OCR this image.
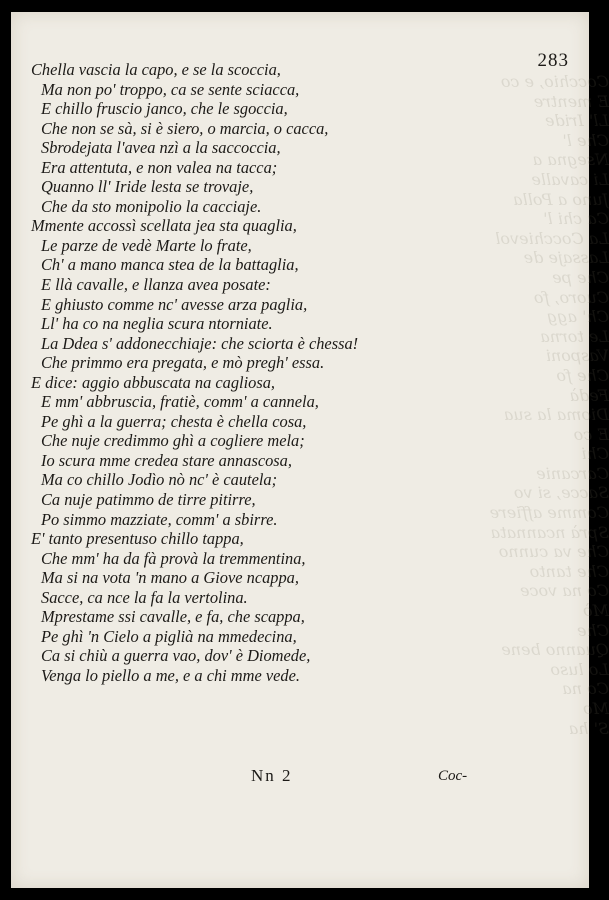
Cocchio, e co
E mentre
Ll' Iride
Che l'
Nsegna a
Li cavalle
Juno a Polla
Ca chi l'
La Cocchievol
Lassaje de
Che pe
Cuoro, fo
Ch' agg
Le torna
Vasponi
Che fo
Fedà
Dioma la sua
E co
Chi
Carcanie
Sacce, si vo
Comme affiere
Sprà ncannata
Che va cunno
Che tanto
Co na voce
Mò
Che
Quanno bene
Lo luso
Co na
Mo
S' ha
283
Chella vascia la capo, e se la scoccia,
Ma non po' troppo, ca se sente sciacca,
E chillo fruscio janco, che le sgoccia,
Che non se sà, si è siero, o marcia, o cacca,
Sbrodejata l'avea nzì a la saccoccia,
Era attentuta, e non valea na tacca;
Quanno ll' Iride lesta se trovaje,
Che da sto monipolio la cacciaje.
Mmente accossì scellata jea sta quaglia,
Le parze de vedè Marte lo frate,
Ch' a mano manca stea de la battaglia,
E llà cavalle, e llanza avea posate:
E ghiusto comme nc' avesse arza paglia,
Ll' ha co na neglia scura ntorniate.
La Ddea s' addonecchiaje: che sciorta è chessa!
Che primmo era pregata, e mò pregh' essa.
E dice: aggio abbuscata na cagliosa,
E mm' abbruscia, fratiè, comm' a cannela,
Pe ghì a la guerra; chesta è chella cosa,
Che nuje credimmo ghì a cogliere mela;
Io scura mme credea stare annascosa,
Ma co chillo Jodìo nò nc' è cautela;
Ca nuje patimmo de tirre pitirre,
Po simmo mazziate, comm' a sbirre.
E' tanto presentuso chillo tappa,
Che mm' ha da fà provà la tremmentina,
Ma si na vota 'n mano a Giove ncappa,
Sacce, ca nce la fa la vertolina.
Mprestame ssi cavalle, e fa, che scappa,
Pe ghì 'n Cielo a piglià na mmedecina,
Ca si chiù a guerra vao, dov' è Diomede,
Venga lo piello a me, e a chi mme vede.
Nn 2	Coc-
